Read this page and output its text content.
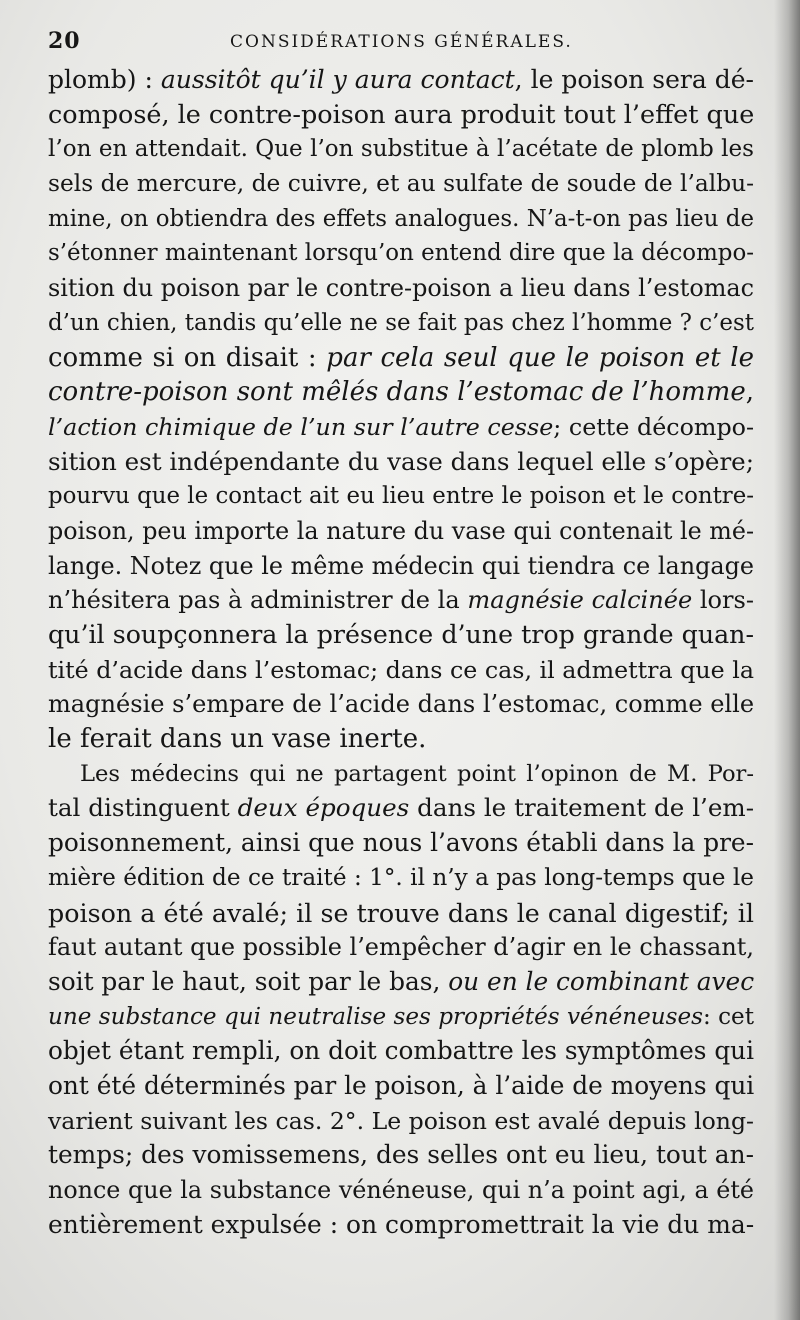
20	CONSIDÉRATIONS GÉNÉRALES.
plomb) : aussitôt qu’il y aura contact, le poison sera dé-
composé, le contre-poison aura produit tout l’effet que
l’on en attendait. Que l’on substitue à l’acétate de plomb les
sels de mercure, de cuivre, et au sulfate de soude de l’albu-
mine, on obtiendra des effets analogues. N’a-t-on pas lieu de
s’étonner maintenant lorsqu’on entend dire que la décompo-
sition du poison par le contre-poison a lieu dans l’estomac
d’un chien, tandis qu’elle ne se fait pas chez l’homme ? c’est
comme si on disait : par cela seul que le poison et le
contre-poison sont mêlés dans l’estomac de l’homme,
l’action chimique de l’un sur l’autre cesse; cette décompo-
sition est indépendante du vase dans lequel elle s’opère;
pourvu que le contact ait eu lieu entre le poison et le contre-
poison, peu importe la nature du vase qui contenait le mé-
lange. Notez que le même médecin qui tiendra ce langage
n’hésitera pas à administrer de la magnésie calcinée lors-
qu’il soupçonnera la présence d’une trop grande quan-
tité d’acide dans l’estomac; dans ce cas, il admettra que la
magnésie s’empare de l’acide dans l’estomac, comme elle
le ferait dans un vase inerte.
Les médecins qui ne partagent point l’opinon de M. Por-
tal distinguent deux époques dans le traitement de l’em-
poisonnement, ainsi que nous l’avons établi dans la pre-
mière édition de ce traité : 1°. il n’y a pas long-temps que le
poison a été avalé; il se trouve dans le canal digestif; il
faut autant que possible l’empêcher d’agir en le chassant,
soit par le haut, soit par le bas, ou en le combinant avec
une substance qui neutralise ses propriétés vénéneuses: cet
objet étant rempli, on doit combattre les symptômes qui
ont été déterminés par le poison, à l’aide de moyens qui
varient suivant les cas. 2°. Le poison est avalé depuis long-
temps; des vomissemens, des selles ont eu lieu, tout an-
nonce que la substance vénéneuse, qui n’a point agi, a été
entièrement expulsée : on compromettrait la vie du ma-
